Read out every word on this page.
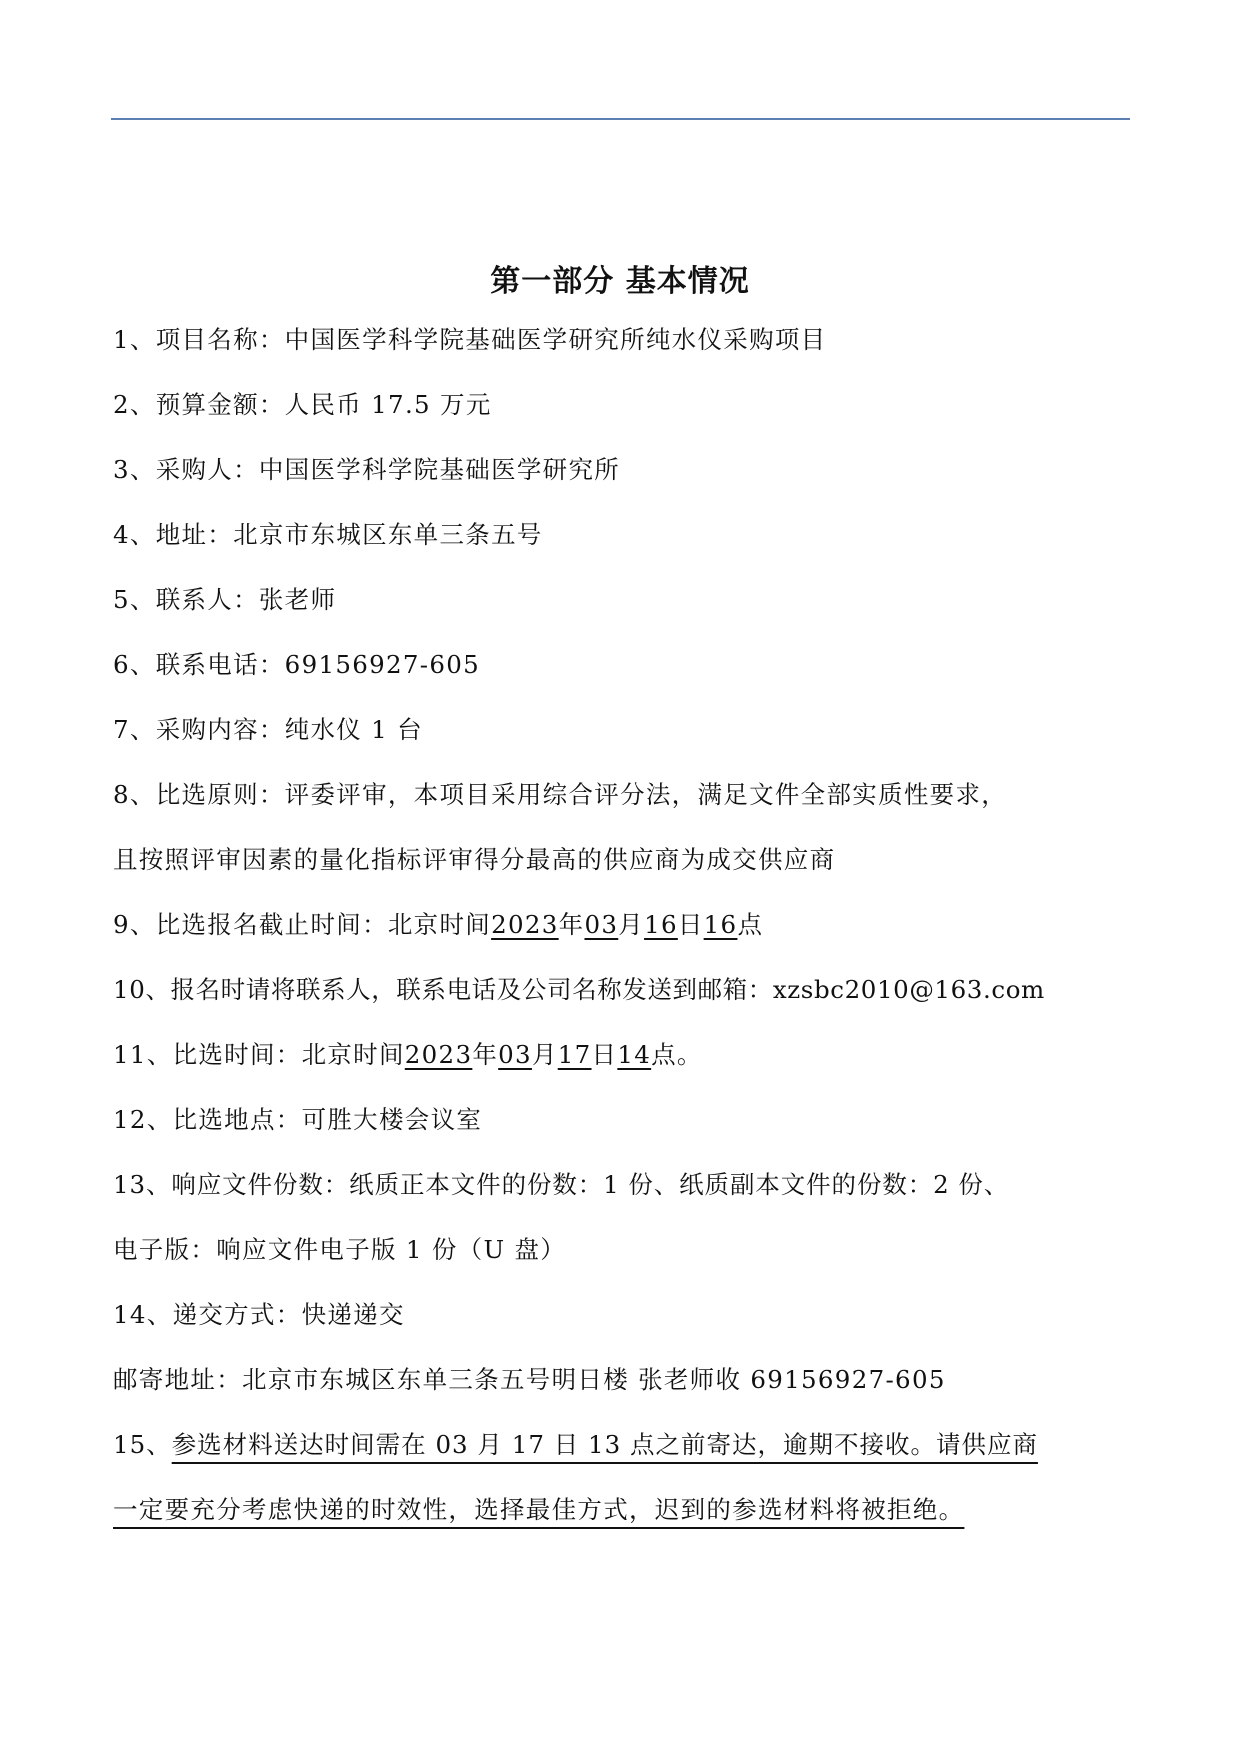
第一部分 基本情况
1、项目名称：中国医学科学院基础医学研究所纯水仪采购项目
2、预算金额：人民币 17.5 万元
3、采购人：中国医学科学院基础医学研究所
4、地址：北京市东城区东单三条五号
5、联系人：张老师
6、联系电话：69156927-605
7、采购内容：纯水仪 1 台
8、比选原则：评委评审，本项目采用综合评分法，满足文件全部实质性要求，
且按照评审因素的量化指标评审得分最高的供应商为成交供应商
9、比选报名截止时间：北京时间2023年03月16日16点
10、报名时请将联系人，联系电话及公司名称发送到邮箱：xzsbc2010@163.com
11、比选时间：北京时间2023年03月17日14点。
12、比选地点：可胜大楼会议室
13、响应文件份数：纸质正本文件的份数：1 份、纸质副本文件的份数：2 份、
电子版：响应文件电子版 1 份（U 盘）
14、递交方式：快递递交
邮寄地址：北京市东城区东单三条五号明日楼 张老师收 69156927-605
15、参选材料送达时间需在 03 月 17 日 13 点之前寄达，逾期不接收。请供应商
一定要充分考虑快递的时效性，选择最佳方式，迟到的参选材料将被拒绝。
